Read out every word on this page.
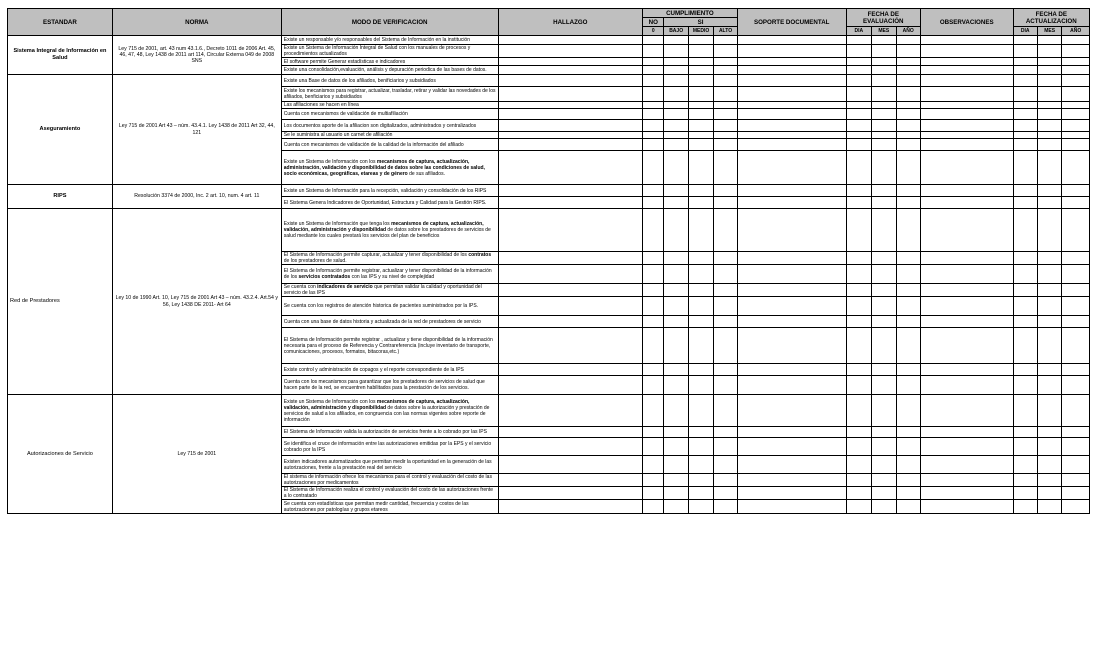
ESTANDAR	NORMA	MODO DE VERIFICACION	HALLAZGO	CUMPLIMIENTO				SOPORTE DOCUMENTAL	FECHA DE EVALUACIÓN			OBSERVACIONES	FECHA DE ACTUALIZACION		
				NO	SI										
				0	BAJO	MEDIO	ALTO		DIA	MES	AÑO		DIA	MES	AÑO
Sistema Integral de Información en Salud	Ley 715 de 2001, art. 43 num 43.1.6., Decreto 1011 de 2006 Art. 45, 46, 47, 48, Ley 1438 de 2011 art 114, Circular Externa 049 de 2008 SNS	Existe un responsable y/o responsables del Sistema de Información en la institución													
		Existe un Sistema de Información Integral de Salud con los manuales de procesos y procedimientos actualizados													
		El software permite Generar estadísticas e indicadores													
		Existe una consolidación,evaluación, análisis y depuración periodica de las bases de datos.													
Aseguramiento	Ley 715 de 2001 Art 43 – núm. 43.4.1. Ley 1438 de 2011 Art 32, 44, 121	Existe una Base de datos de los afiliados, benificiarios y subsidiados													
		Existe los mecanismos para registrar, actualizar, trasladar, retirar y validar las novedades de los afiliados, benficiarios y subsidiados													
		Las afiliaciones se hacen en línea													
		Cuenta con mecanismos de validación de multiafiliación													
		Los documentos aporte de la afiliacion son digitalizados, administrados y centralizados													
		Se le suministra al usuario un carnet de afiliación													
		Cuenta con mecanismos de validación de la calidad de la información del afiliado													
		Existe un Sistema de Información con los mecanismos de captura, actualización, administración, validación y disponibilidad de datos sobre las condiciones de salud, socio económicas, geográficas, etareas y de género de sus afiliados.													
RIPS	Resolución 3374 de 2000, Inc. 2 art. 10, num. 4 art. 11	Existe un Sistema de Información para la recepción, validación y consolidación de los RIPS													
		El Sistema Genera Indicadores de Oportunidad, Estructura y Calidad para la Gestión RIPS.													
Red de Prestadores	Ley 10 de 1990 Art. 10, Ley 715 de 2001 Art 43 – núm. 43.2.4. Art.54 y 56, Ley 1438 DE 2011- Art 64	Existe un Sistema de Información que tenga los mecanismos de captura, actualización, validación, administración y disponibilidad de datos sobre los prestadores de servicios de salud mediante los cuales prestará los servicios del plan de beneficios													
		El Sistema de Información permite capturar, actualizar y tener disponibilidad de los contratos de los prestadores de salud.													
		El Sistema de Información permite registrar, actualizar y tener disponibilidad de la información de los servicios contratados con las IPS y su nivel de complejidad													
		Se cuenta con indicadores de servicio que permitan validar la calidad y oportunidad del servicio de las IPS													
		Se cuenta con los registros de atención historica de pacientes suministrados por la IPS.													
		Cuenta con una base de datos historia y actualizada de la red de prestadores de servicio													
		El Sistema de Información permite registrar , actualizar y tiene disponibilidad de la información necesaria para el proceso de Referencia y Contrareferencia (incluye inventario de transporte, comunicaciones, procesos, formatos, bitacoras,etc.)													
		Existe control y administración de copagos y el reporte correspondiente de la IPS													
		Cuenta con los mecanismos para garantizar que los prestadores de servicios de salud que hacen parte de la red, se encuentren habilitados para la prestación de los servicios.													
Autorizaciones de Servicio	Ley 715 de 2001	Existe un Sistema de Información con los mecanismos de captura, actualización, validación, administración y disponibilidad de datos sobre la autorización y prestación de servicios de salud a los afiliados, en congruencia con las normas vigentes sobre reporte de información													
		El Sistema de Información valida la autorización de servicios frente a lo cobrado por las IPS													
		Se identifica el cruce de información entre las autorizaciones emitidas por la EPS y el servicio cobrado por la IPS													
		Existen indicadores automatizados que permitan medir la oportunidad en la generación de las autorizaciones, frente a la prestación real del servicio													
		El sistema de información ofrece los mecanismos para el control y evaluación del costo de las autorizaciones por medicamentos													
		El Sistema de Información realiza el control y evaluación del costo de las autorizaciones frente a lo contratado													
		Se cuenta con estadísticas que permitan medir cantidad, frecuencia y costos de las autorizaciones por patologías y grupos etareos													
